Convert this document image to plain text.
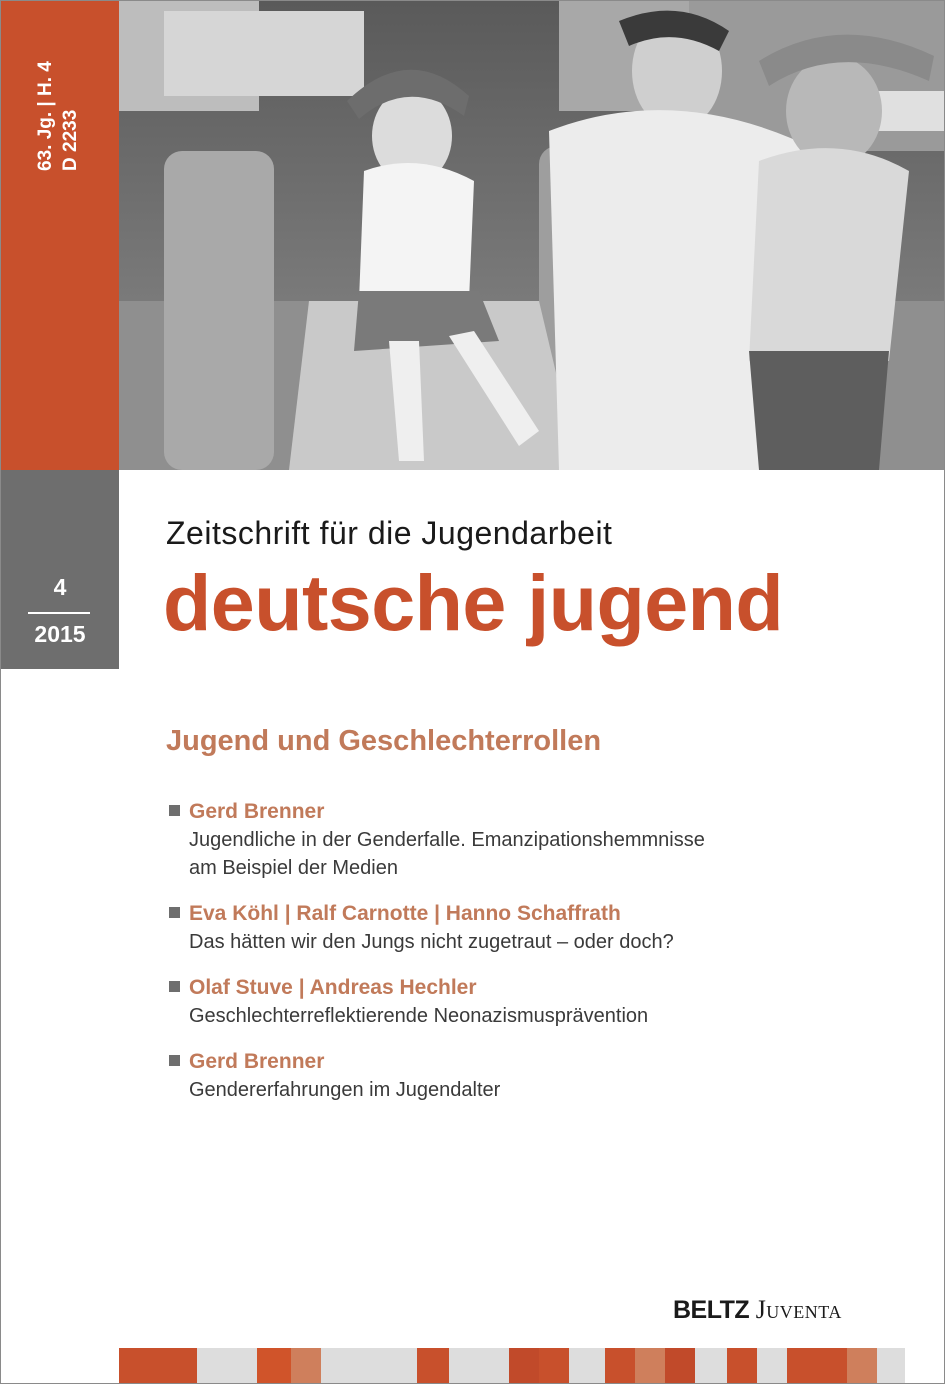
63. Jg. | H. 4 D 2233
4
2015
Zeitschrift für die Jugendarbeit
deutsche jugend
Jugend und Geschlechterrollen
Gerd Brenner
Jugendliche in der Genderfalle. Emanzipationshemmnisse
am Beispiel der Medien
Eva Köhl | Ralf Carnotte | Hanno Schaffrath
Das hätten wir den Jungs nicht zugetraut – oder doch?
Olaf Stuve | Andreas Hechler
Geschlechterreflektierende Neonazismusprävention
Gerd Brenner
Gendererfahrungen im Jugendalter
BELTZ Juventa
